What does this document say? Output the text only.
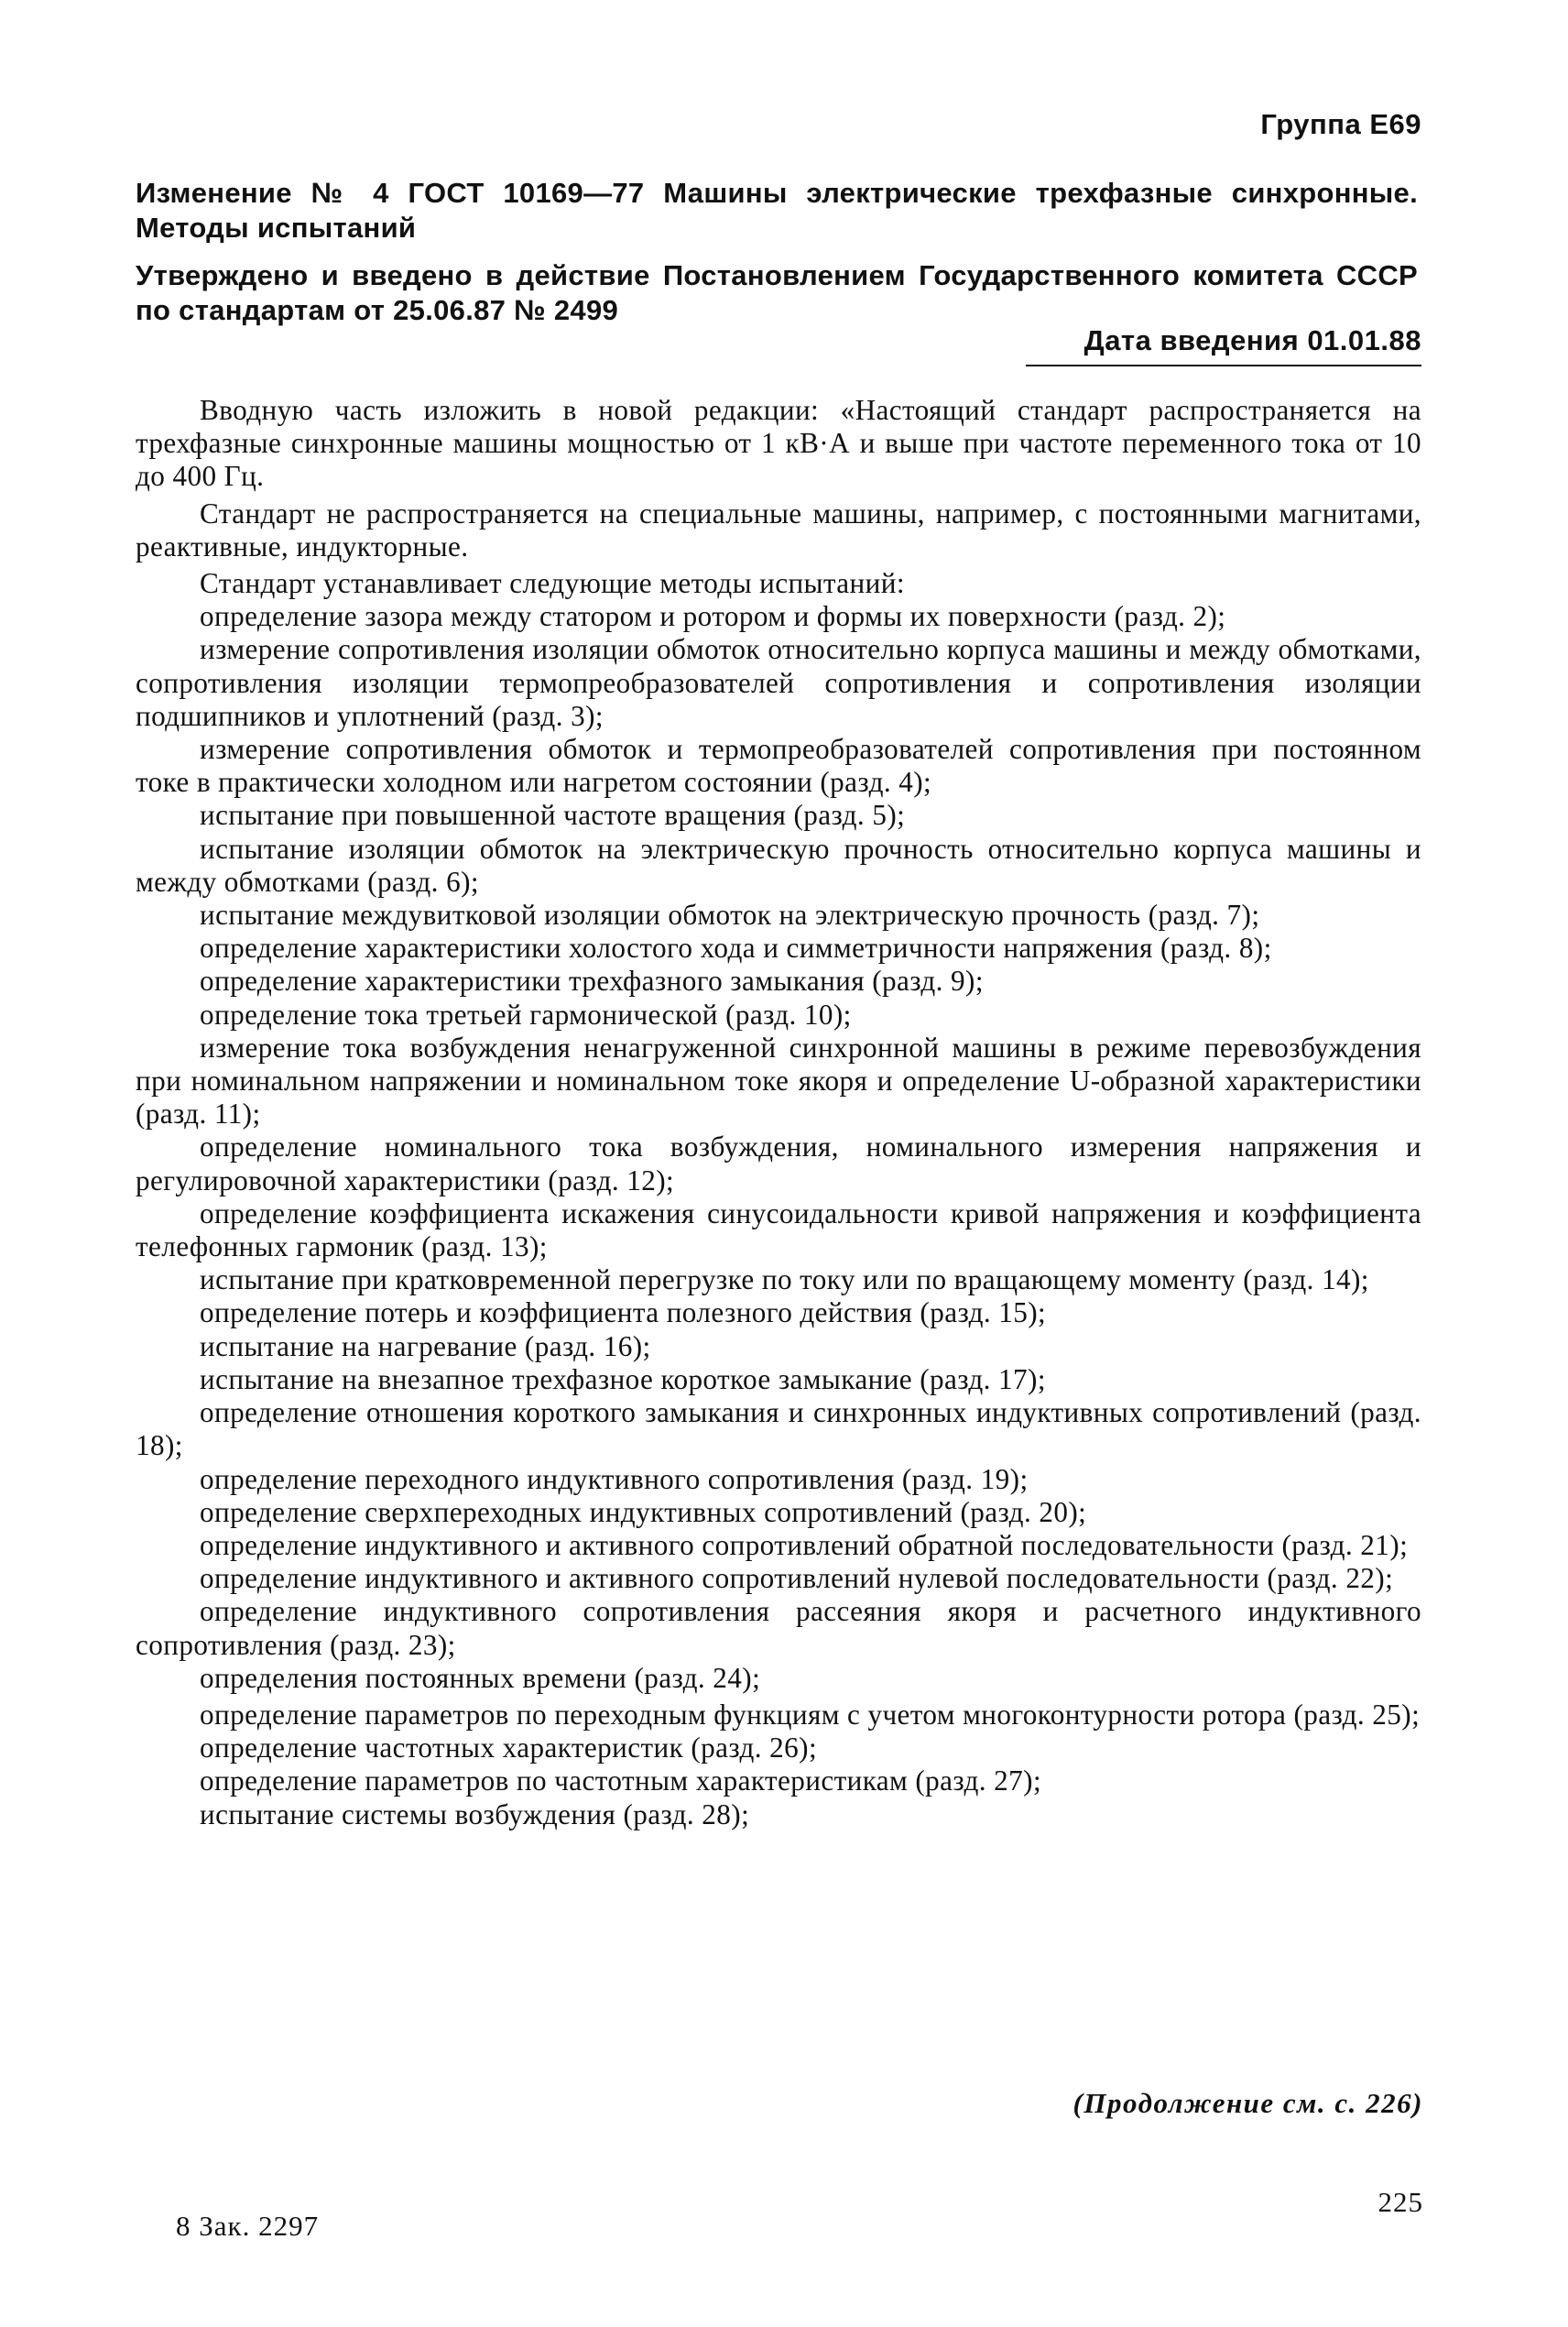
Группа Е69
Изменение № 4 ГОСТ 10169—77 Машины электрические трехфазные синхронные. Методы испытаний
Утверждено и введено в действие Постановлением Государственного комитета СССР по стандартам от 25.06.87 № 2499
Дата введения 01.01.88

Вводную часть изложить в новой редакции: «Настоящий стандарт распространяется на трехфазные синхронные машины мощностью от 1 кВ·А и выше при частоте переменного тока от 10 до 400 Гц.

Стандарт не распространяется на специальные машины, например, с постоянными магнитами, реактивные, индукторные.

Стандарт устанавливает следующие методы испытаний:

определение зазора между статором и ротором и формы их поверхности (разд. 2);

измерение сопротивления изоляции обмоток относительно корпуса машины и между обмотками, сопротивления изоляции термопреобразователей сопротивления и сопротивления изоляции подшипников и уплотнений (разд. 3);

измерение сопротивления обмоток и термопреобразователей сопротивления при постоянном токе в практически холодном или нагретом состоянии (разд. 4);

испытание при повышенной частоте вращения (разд. 5);

испытание изоляции обмоток на электрическую прочность относительно корпуса машины и между обмотками (разд. 6);

испытание междувитковой изоляции обмоток на электрическую прочность (разд. 7);

определение характеристики холостого хода и симметричности напряжения (разд. 8);

определение характеристики трехфазного замыкания (разд. 9);

определение тока третьей гармонической (разд. 10);

измерение тока возбуждения ненагруженной синхронной машины в режиме перевозбуждения при номинальном напряжении и номинальном токе якоря и определение U-образной характеристики (разд. 11);

определение номинального тока возбуждения, номинального измерения напряжения и регулировочной характеристики (разд. 12);

определение коэффициента искажения синусоидальности кривой напряжения и коэффициента телефонных гармоник (разд. 13);

испытание при кратковременной перегрузке по току или по вращающему моменту (разд. 14);

определение потерь и коэффициента полезного действия (разд. 15);

испытание на нагревание (разд. 16);

испытание на внезапное трехфазное короткое замыкание (разд. 17);

определение отношения короткого замыкания и синхронных индуктивных сопротивлений (разд. 18);

определение переходного индуктивного сопротивления (разд. 19);

определение сверхпереходных индуктивных сопротивлений (разд. 20);

определение индуктивного и активного сопротивлений обратной последовательности (разд. 21);

определение индуктивного и активного сопротивлений нулевой последовательности (разд. 22);

определение индуктивного сопротивления рассеяния якоря и расчетного индуктивного сопротивления (разд. 23);

определения постоянных времени (разд. 24);

определение параметров по переходным функциям с учетом многоконтурности ротора (разд. 25);

определение частотных характеристик (разд. 26);

определение параметров по частотным характеристикам (разд. 27);

испытание системы возбуждения (разд. 28);

(Продолжение см. с. 226)
8 Зак. 2297
225
